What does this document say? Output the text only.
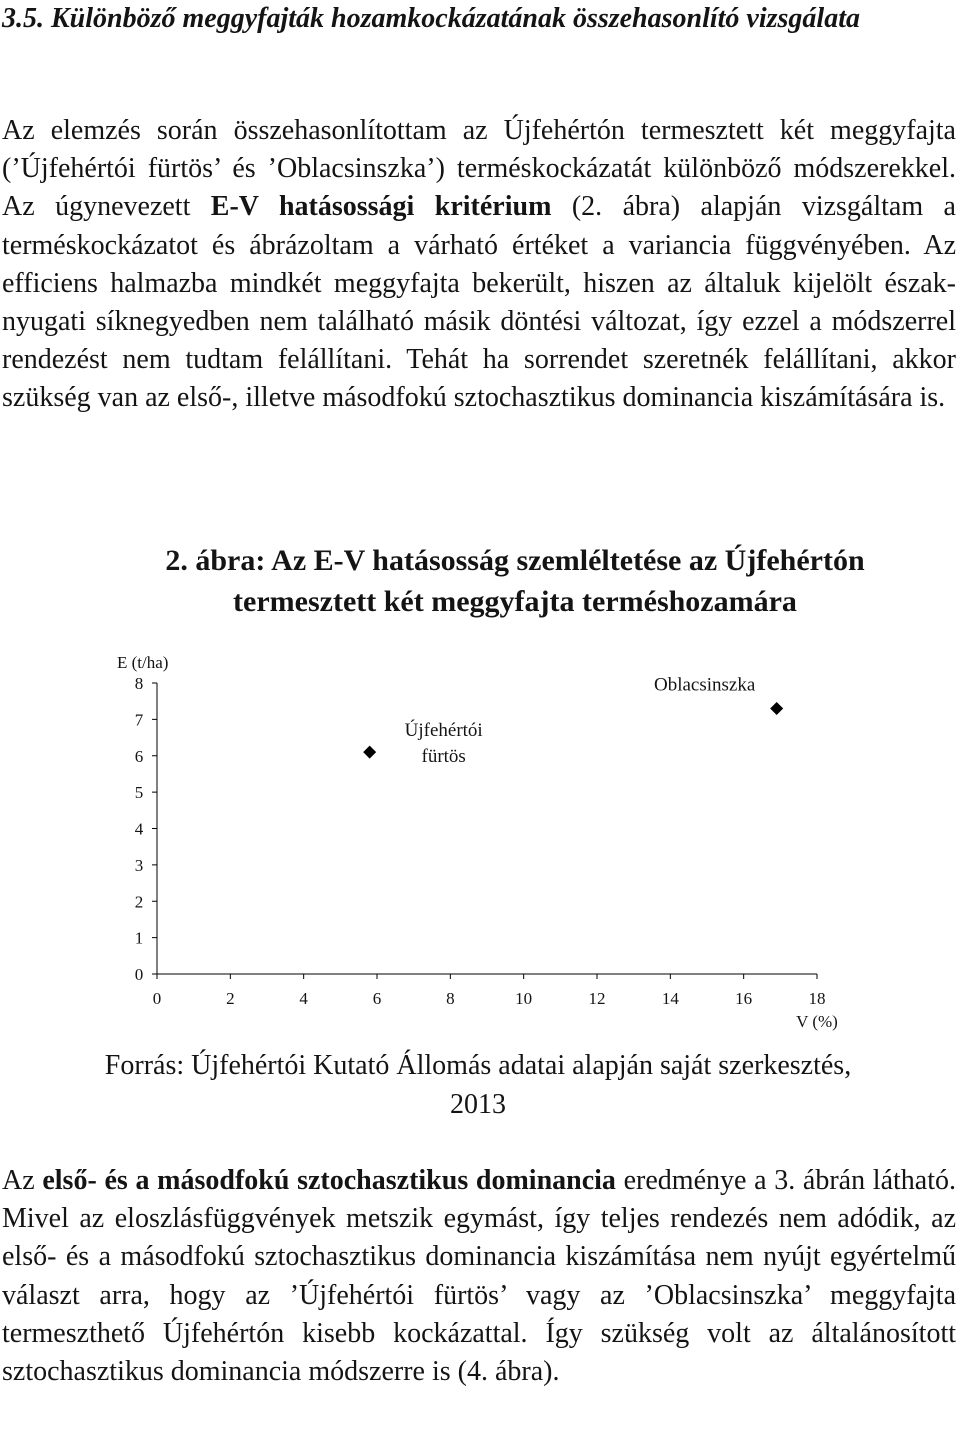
3.5. Különböző meggyfajták hozamkockázatának összehasonlító vizsgálata

Az elemzés során összehasonlítottam az Újfehértón termesztett két meggyfajta (’Újfehértói fürtös’ és ’Oblacsinszka’) terméskockázatát különböző módszerekkel. Az úgynevezett E-V hatásossági kritérium (2. ábra) alapján vizsgáltam a terméskockázatot és ábrázoltam a várható értéket a variancia függvényében. Az efficiens halmazba mindkét meggyfajta bekerült, hiszen az általuk kijelölt észak-nyugati síknegyedben nem található másik döntési változat, így ezzel a módszerrel rendezést nem tudtam felállítani. Tehát ha sorrendet szeretnék felállítani, akkor szükség van az első-, illetve másodfokú sztochasztikus dominancia kiszámítására is.

2. ábra: Az E-V hatásosság szemléltetése az Újfehértón
termesztett két meggyfajta terméshozamára
0
1
2
3
4
5
6
7
8
0	2	4	6	8	10	12	14	16	18
E (t/ha)
V (%)
Újfehértói
fürtös
Oblacsinszka

Forrás: Újfehértói Kutató Állomás adatai alapján saját szerkesztés,
2013

Az első- és a másodfokú sztochasztikus dominancia eredménye a 3. ábrán látható. Mivel az eloszlásfüggvények metszik egymást, így teljes rendezés nem adódik, az első- és a másodfokú sztochasztikus dominancia kiszámítása nem nyújt egyértelmű választ arra, hogy az ’Újfehértói fürtös’ vagy az ’Oblacsinszka’ meggyfajta termeszthető Újfehértón kisebb kockázattal. Így szükség volt az általánosított sztochasztikus dominancia módszerre is (4. ábra).
